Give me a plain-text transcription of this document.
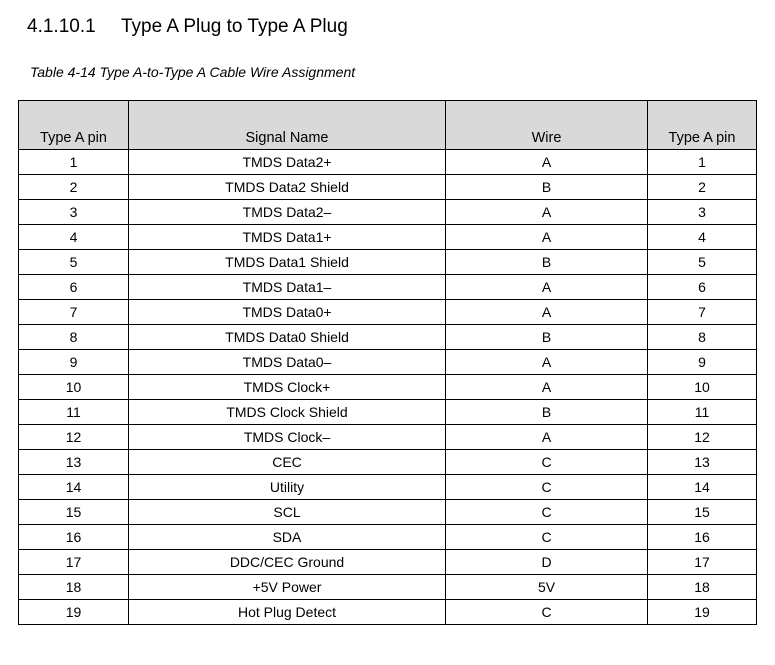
4.1.10.1 Type A Plug to Type A Plug

Table 4-14 Type A-to-Type A Cable Wire Assignment

Type A pin	Signal Name	Wire	Type A pin
1	TMDS Data2+	A	1
2	TMDS Data2 Shield	B	2
3	TMDS Data2–	A	3
4	TMDS Data1+	A	4
5	TMDS Data1 Shield	B	5
6	TMDS Data1–	A	6
7	TMDS Data0+	A	7
8	TMDS Data0 Shield	B	8
9	TMDS Data0–	A	9
10	TMDS Clock+	A	10
11	TMDS Clock Shield	B	11
12	TMDS Clock–	A	12
13	CEC	C	13
14	Utility	C	14
15	SCL	C	15
16	SDA	C	16
17	DDC/CEC Ground	D	17
18	+5V Power	5V	18
19	Hot Plug Detect	C	19
